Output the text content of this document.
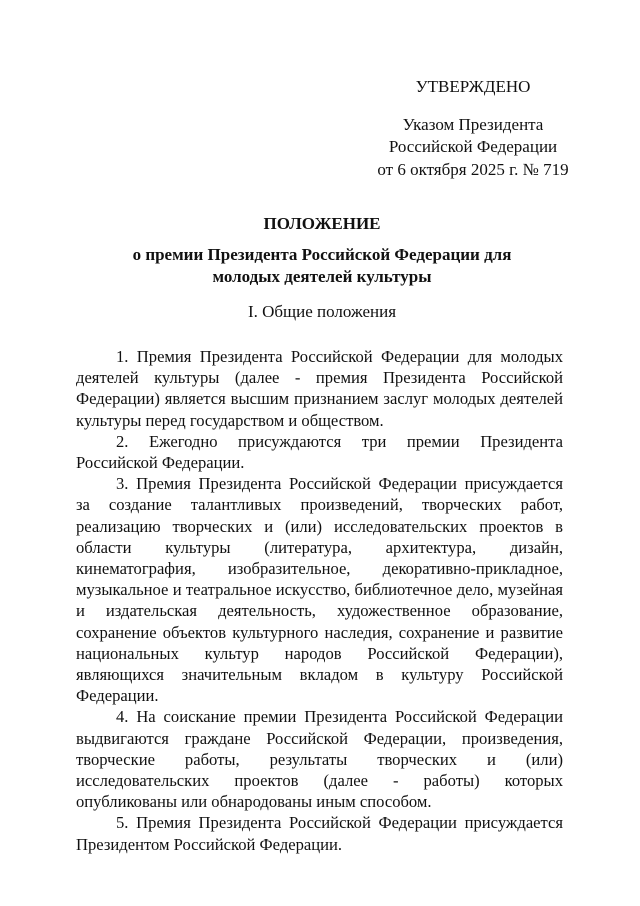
УТВЕРЖДЕНО
Указом Президента
Российской Федерации
от 6 октября 2025 г. № 719
ПОЛОЖЕНИЕ
о премии Президента Российской Федерации для молодых деятелей культуры
I. Общие положения

1. Премия Президента Российской Федерации для молодых деятелей культуры (далее - премия Президента Российской Федерации) является высшим признанием заслуг молодых деятелей культуры перед государством и обществом.

2. Ежегодно присуждаются три премии Президента Российской Федерации.

3. Премия Президента Российской Федерации присуждается за создание талантливых произведений, творческих работ, реализацию творческих и (или) исследовательских проектов в области культуры (литература, архитектура, дизайн, кинематография, изобразительное, декоративно-прикладное, музыкальное и театральное искусство, библиотечное дело, музейная и издательская деятельность, художественное образование, сохранение объектов культурного наследия, сохранение и развитие национальных культур народов Российской Федерации), являющихся значительным вкладом в культуру Российской Федерации.

4. На соискание премии Президента Российской Федерации выдвигаются граждане Российской Федерации, произведения, творческие работы, результаты творческих и (или) исследовательских проектов (далее - работы) которых опубликованы или обнародованы иным способом.

5. Премия Президента Российской Федерации присуждается Президентом Российской Федерации.
